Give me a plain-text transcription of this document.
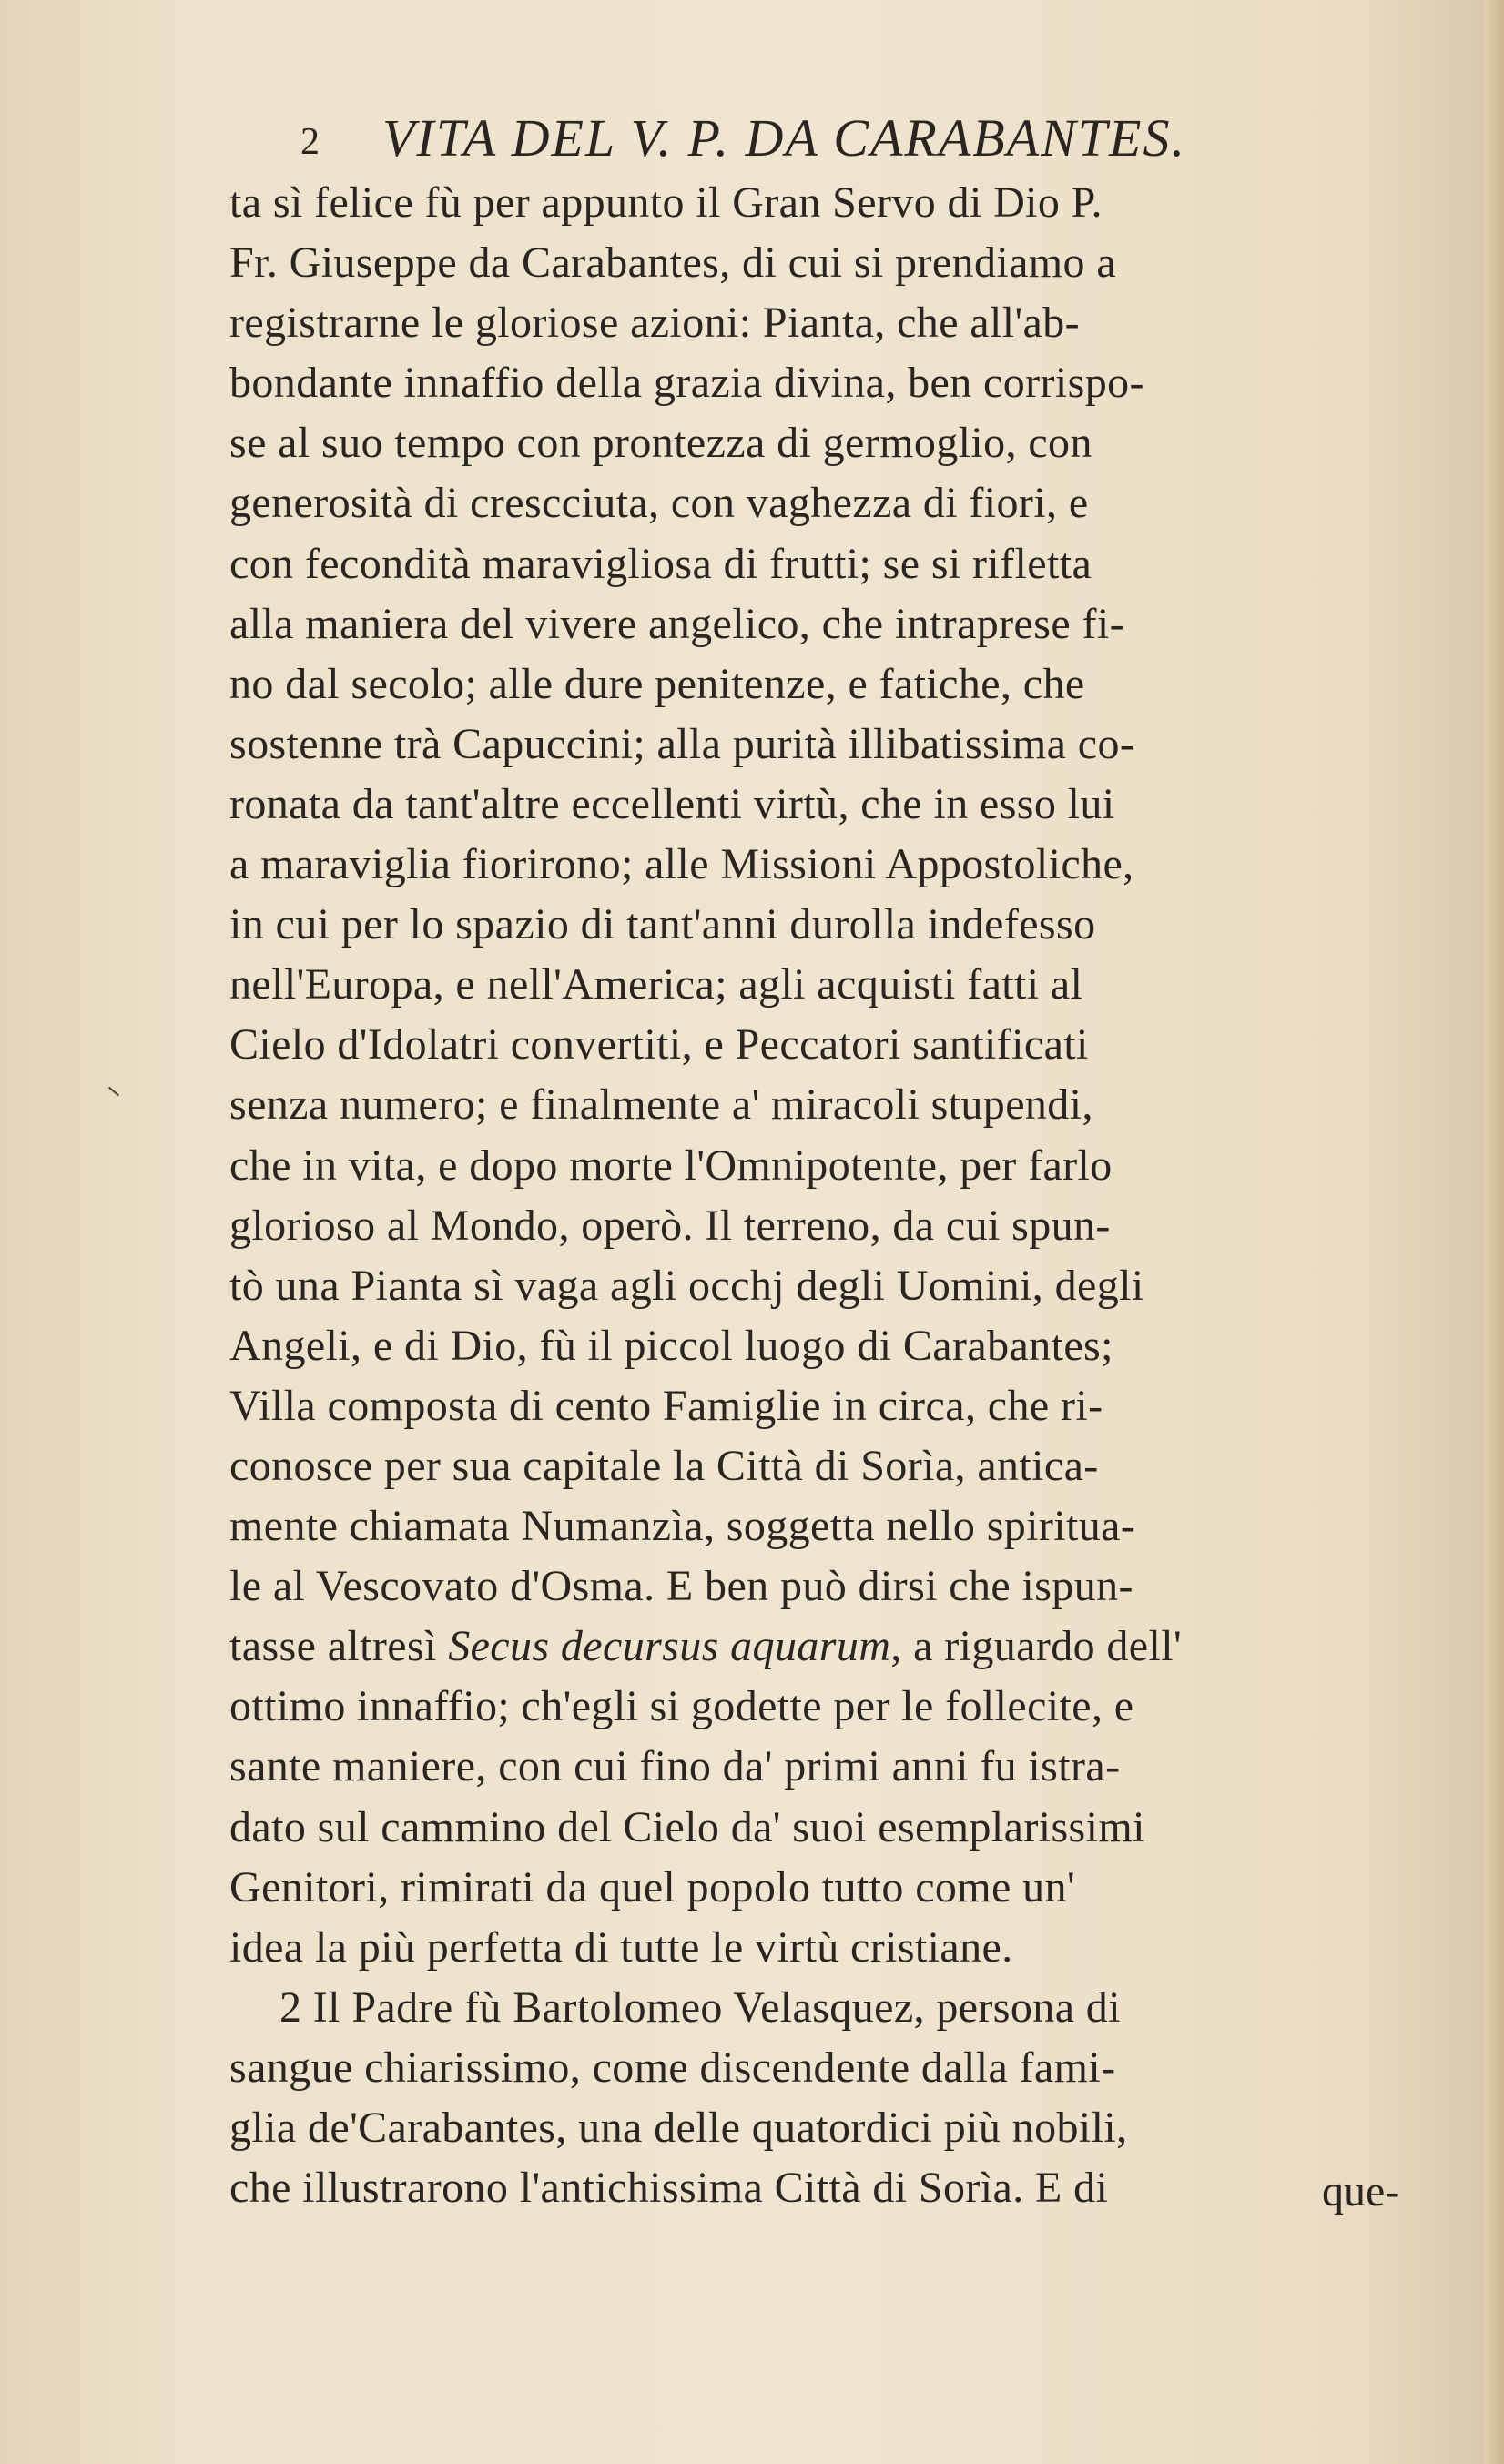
2 VITA DEL V. P. DA CARABANTES.
ta sì felice fù per appunto il Gran Servo di Dio P.
Fr. Giuseppe da Carabantes, di cui si prendiamo a
registrarne le gloriose azioni: Pianta, che all'ab-
bondante innaffio della grazia divina, ben corrispo-
se al suo tempo con prontezza di germoglio, con
generosità di crescciuta, con vaghezza di fiori, e
con fecondità maravigliosa di frutti; se si rifletta
alla maniera del vivere angelico, che intraprese fi-
no dal secolo; alle dure penitenze, e fatiche, che
sostenne trà Capuccini; alla purità illibatissima co-
ronata da tant'altre eccellenti virtù, che in esso lui
a maraviglia fiorirono; alle Missioni Appostoliche,
in cui per lo spazio di tant'anni durolla indefesso
nell'Europa, e nell'America; agli acquisti fatti al
Cielo d'Idolatri convertiti, e Peccatori santificati
senza numero; e finalmente a' miracoli stupendi,
che in vita, e dopo morte l'Omnipotente, per farlo
glorioso al Mondo, operò. Il terreno, da cui spun-
tò una Pianta sì vaga agli occhj degli Uomini, degli
Angeli, e di Dio, fù il piccol luogo di Carabantes;
Villa composta di cento Famiglie in circa, che ri-
conosce per sua capitale la Città di Sorìa, antica-
mente chiamata Numanzìa, soggetta nello spiritua-
le al Vescovato d'Osma. E ben può dirsi che ispun-
tasse altresì Secus decursus aquarum, a riguardo dell'
ottimo innaffio; ch'egli si godette per le follecite, e
sante maniere, con cui fino da' primi anni fu istra-
dato sul cammino del Cielo da' suoi esemplarissimi
Genitori, rimirati da quel popolo tutto come un'
idea la più perfetta di tutte le virtù cristiane.
2 Il Padre fù Bartolomeo Velasquez, persona di
sangue chiarissimo, come discendente dalla fami-
glia de'Carabantes, una delle quatordici più nobili,
che illustrarono l'antichissima Città di Sorìa. E di	que-
